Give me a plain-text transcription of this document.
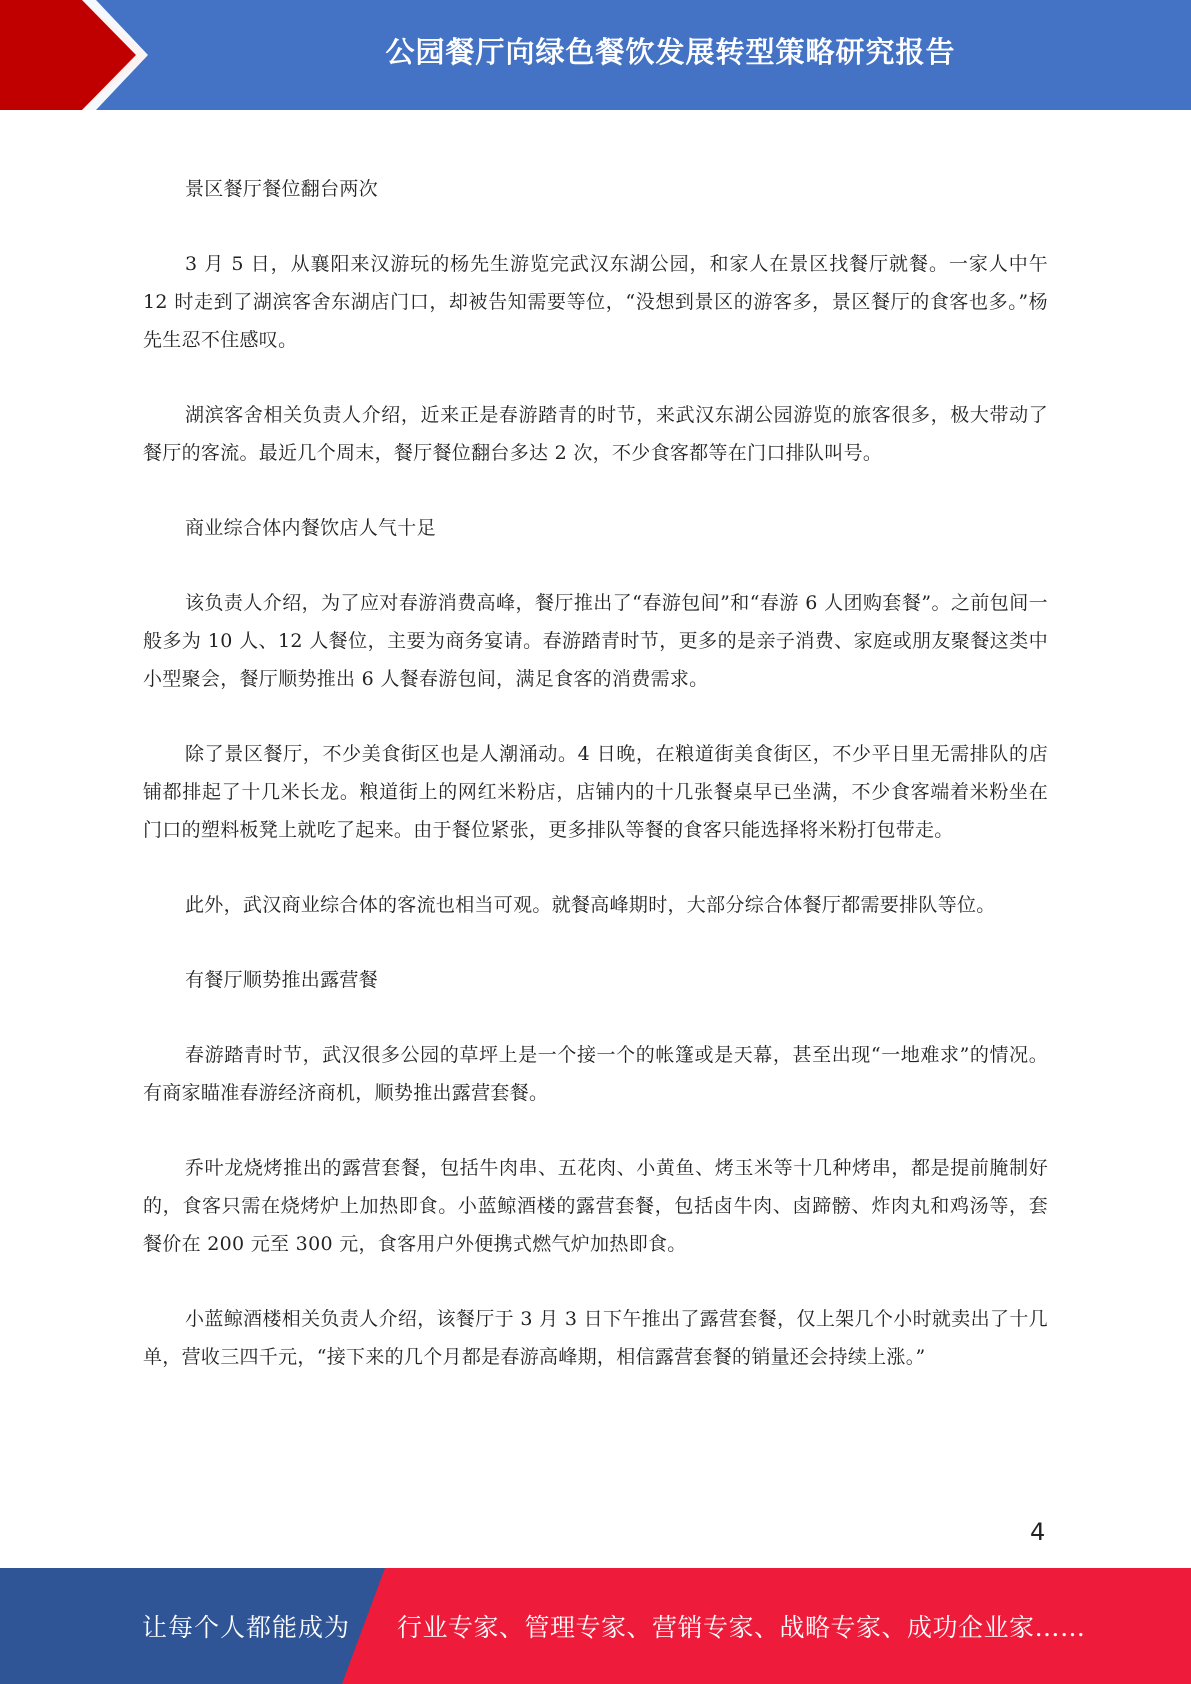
公园餐厅向绿色餐饮发展转型策略研究报告

景区餐厅餐位翻台两次

3 月 5 日，从襄阳来汉游玩的杨先生游览完武汉东湖公园，和家人在景区找餐厅就餐。一家人中午 12 时走到了湖滨客舍东湖店门口，却被告知需要等位，“没想到景区的游客多，景区餐厅的食客也多。”杨先生忍不住感叹。

湖滨客舍相关负责人介绍，近来正是春游踏青的时节，来武汉东湖公园游览的旅客很多，极大带动了餐厅的客流。最近几个周末，餐厅餐位翻台多达 2 次，不少食客都等在门口排队叫号。

商业综合体内餐饮店人气十足

该负责人介绍，为了应对春游消费高峰，餐厅推出了“春游包间”和“春游 6 人团购套餐”。之前包间一般多为 10 人、12 人餐位，主要为商务宴请。春游踏青时节，更多的是亲子消费、家庭或朋友聚餐这类中小型聚会，餐厅顺势推出 6 人餐春游包间，满足食客的消费需求。

除了景区餐厅，不少美食街区也是人潮涌动。4 日晚，在粮道街美食街区，不少平日里无需排队的店铺都排起了十几米长龙。粮道街上的网红米粉店，店铺内的十几张餐桌早已坐满，不少食客端着米粉坐在门口的塑料板凳上就吃了起来。由于餐位紧张，更多排队等餐的食客只能选择将米粉打包带走。

此外，武汉商业综合体的客流也相当可观。就餐高峰期时，大部分综合体餐厅都需要排队等位。

有餐厅顺势推出露营餐

春游踏青时节，武汉很多公园的草坪上是一个接一个的帐篷或是天幕，甚至出现“一地难求”的情况。有商家瞄准春游经济商机，顺势推出露营套餐。

乔叶龙烧烤推出的露营套餐，包括牛肉串、五花肉、小黄鱼、烤玉米等十几种烤串，都是提前腌制好的，食客只需在烧烤炉上加热即食。小蓝鲸酒楼的露营套餐，包括卤牛肉、卤蹄髈、炸肉丸和鸡汤等，套餐价在 200 元至 300 元，食客用户外便携式燃气炉加热即食。

小蓝鲸酒楼相关负责人介绍，该餐厅于 3 月 3 日下午推出了露营套餐，仅上架几个小时就卖出了十几单，营收三四千元，“接下来的几个月都是春游高峰期，相信露营套餐的销量还会持续上涨。”

4
让每个人都能成为 行业专家、管理专家、营销专家、战略专家、成功企业家……
